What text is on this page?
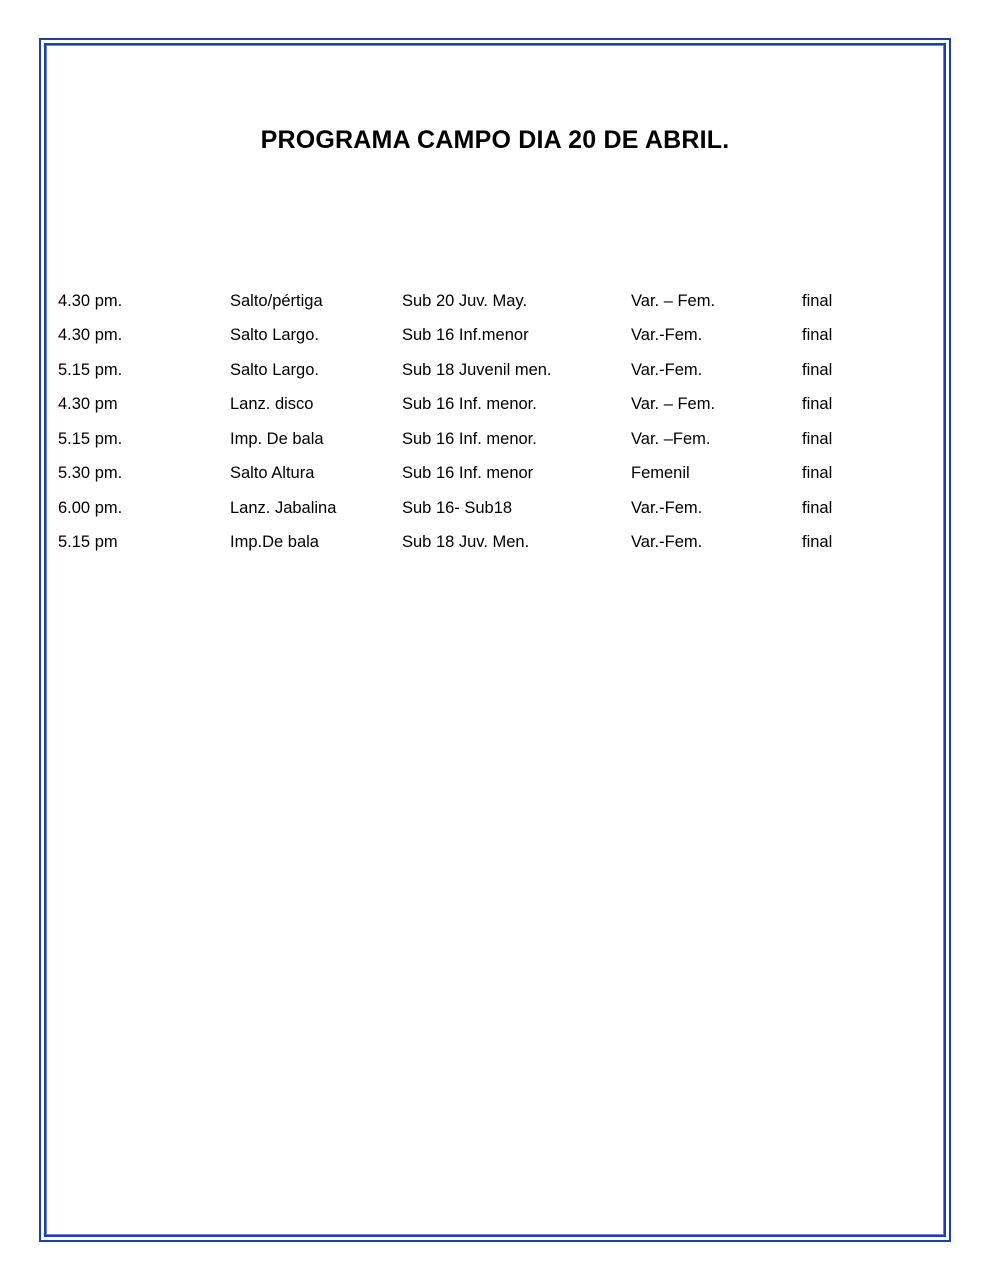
PROGRAMA CAMPO DIA 20 DE ABRIL.
4.30 pm.	Salto/pértiga	Sub 20 Juv. May.	Var. – Fem.	final
4.30 pm.	Salto Largo.	Sub 16 Inf.menor	Var.-Fem.	final
5.15 pm.	Salto Largo.	Sub 18 Juvenil men.	Var.-Fem.	final
4.30 pm	Lanz. disco	Sub 16 Inf. menor.	Var. – Fem.	final
5.15 pm.	Imp. De bala	Sub 16 Inf. menor.	Var. –Fem.	final
5.30 pm.	Salto Altura	Sub 16 Inf. menor	Femenil	final
6.00 pm.	Lanz. Jabalina	Sub 16- Sub18	Var.-Fem.	final
5.15 pm	Imp.De bala	Sub 18 Juv. Men.	Var.-Fem.	final
